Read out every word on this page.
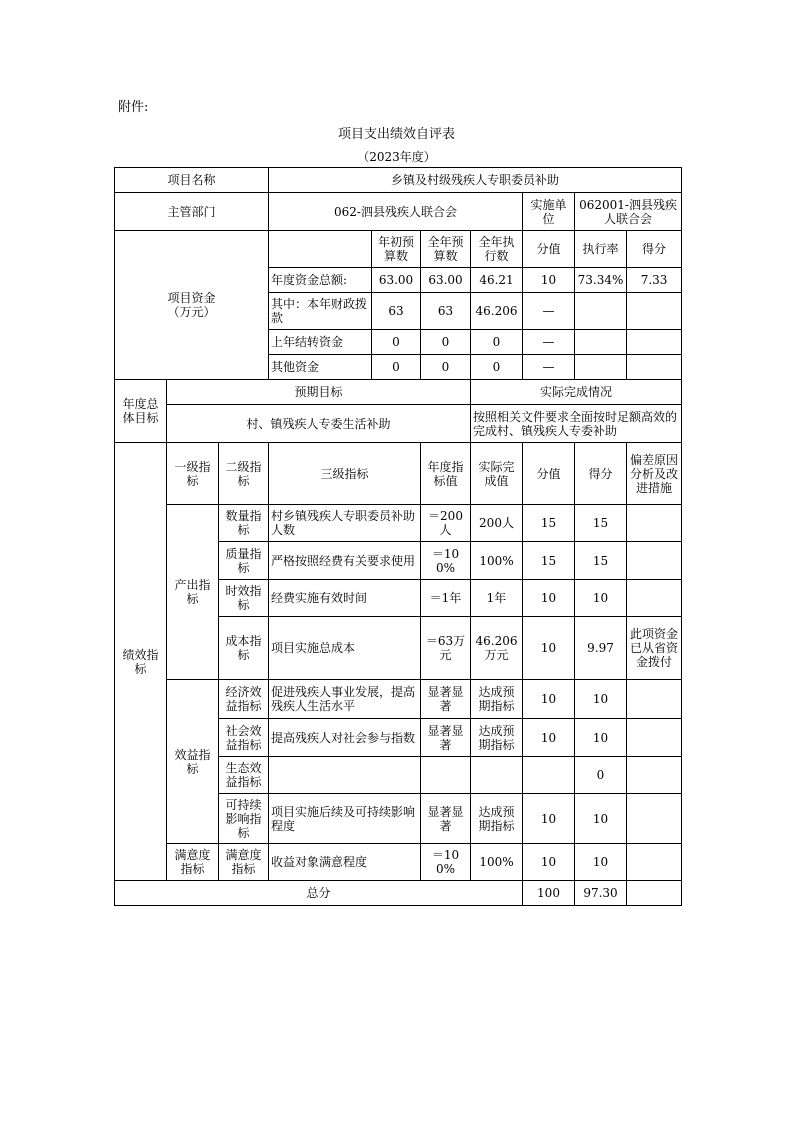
附件:
项目支出绩效自评表
（2023年度）
项目名称			乡镇及村级残疾人专职委员补助						
主管部门			062-泗县残疾人联合会				实施单位	062001-泗县残疾人联合会	
项目资金
（万元）				年初预算数	全年预算数	全年执行数	分值	执行率	得分
			年度资金总额:	63.00	63.00	46.21	10	73.34%	7.33
			其中：本年财政拨款	63	63	46.206	—		
			上年结转资金	0	0	0	—		
			其他资金	0	0	0	—		
年度总体目标	预期目标					实际完成情况			
	村、镇残疾人专委生活补助					按照相关文件要求全面按时足额高效的完成村、镇残疾人专委补助			
绩效指标	一级指标	二级指标	三级指标		年度指标值	实际完成值	分值	得分	偏差原因分析及改进措施
	产出指标	数量指标	村乡镇残疾人专职委员补助人数		＝200人	200人	15	15	
		质量指标	严格按照经费有关要求使用		＝100%	100%	15	15	
		时效指标	经费实施有效时间		＝1年	1年	10	10	
		成本指标	项目实施总成本		＝63万元	46.206万元	10	9.97	此项资金已从省资金拨付
	效益指标	经济效益指标	促进残疾人事业发展，提高残疾人生活水平		显著显著	达成预期指标	10	10	
		社会效益指标	提高残疾人对社会参与指数		显著显著	达成预期指标	10	10	
		生态效益指标						0	
		可持续影响指标	项目实施后续及可持续影响程度		显著显著	达成预期指标	10	10	
	满意度指标	满意度指标	收益对象满意程度		＝100%	100%	10	10	
总分							100	97.30	
